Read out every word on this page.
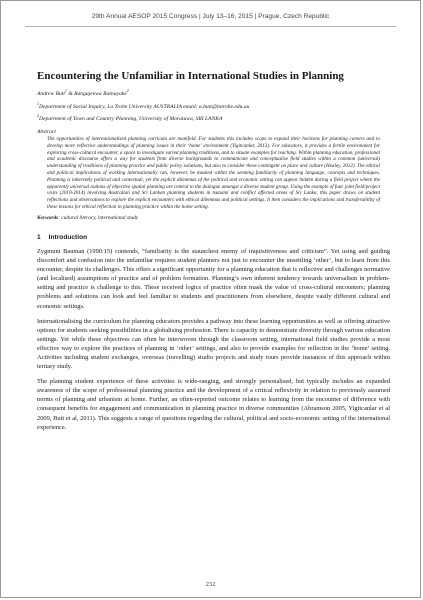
29th Annual AESOP 2015 Congress | July 13–16, 2015 | Prague, Czech Republic
Encountering the Unfamiliar in International Studies in Planning
Andrew Butt$^1$ & Rangajeewa Ratnayake$^2$
$^1$Department of Social Inquiry, La Trobe University AUSTRALIA email: a.butt@latrobe.edu.au
$^2$Department of Town and Country Planning, University of Moratuwa, SRI LANKA
Abstract
The opportunities of internationalised planning curricula are manifold. For students this includes scope to expand their horizons for planning careers and to develop more reflective understandings of planning issues in their ‘home’ environment (Yigitcanlar, 2013). For educators, it provides a fertile environment for exploring cross-cultural encounter, a space to investigate varied planning traditions, and to situate examples for teaching. Within planning education, professional and academic discourse offers a way for students from diverse backgrounds to communicate and conceptualise field studies within a common (universal) understanding of traditions of planning practice and public policy solutions, but also to consider these contingent on place and culture (Healey, 2012). The ethical and political implications of working internationally can, however, be masked within the seeming familiarity of planning language, concepts and techniques. Planning is inherently political and contextual, yet the explicit dilemmas of the political and economic setting can appear hidden during a field project where the apparently universal notions of objective spatial planning are central to the dialogue amongst a diverse student group. Using the example of four joint field/project visits (2010-2014) involving Australian and Sri Lankan planning students in tsunami and conflict affected areas of Sri Lanka, this paper draws on student reflections and observations to explore the explicit encounters with ethical dilemmas and political settings. It then considers the implications and transferability of these lessons for ethical reflection in planning practice within the home setting.
Keywords: cultural literacy, international study
1 Introduction

Zygmunt Bauman (1990:15) contends, “familiarity is the staunchest enemy of inquisitiveness and criticism”. Yet using and guiding discomfort and confusion into the unfamiliar requires student planners not just to encounter the unsettling ‘other’, but to learn from this encounter, despite its challenges. This offers a significant opportunity for a planning education that is reflective and challenges normative (and localised) assumptions of practice and of problem formation. Planning’s own inherent tendency towards universalism in problem-setting and practice is challenge to this. These received logics of practice often mask the value of cross-cultural encounters; planning problems and solutions can look and feel familiar to students and practitioners from elsewhere, despite vastly different cultural and economic settings.

Internationalising the curriculum for planning educators provides a pathway into these learning opportunities as well as offering attractive options for students seeking possibilities in a globalising profession. There is capacity to demonstrate diversity through various education settings. Yet while these objectives can often be interwoven through the classroom setting, international field studies provide a most effective way to explore the practices of planning in ‘other’ settings, and also to provide examples for reflection in the ‘home’ setting. Activities including student exchanges, overseas (travelling) studio projects and study tours provide instances of this approach within tertiary study.

The planning student experience of these activities is wide-ranging, and strongly personalised, but typically includes an expanded awareness of the scope of professional planning practice and the development of a critical reflexivity in relation to previously assumed norms of planning and urbanism at home. Further, an often-reported outcome relates to learning from the encounter of difference with consequent benefits for engagement and communication in planning practice in diverse communities (Abramson 2005, Yigitcanlar et al 2009, Butt et al, 2011). This suggests a range of questions regarding the cultural, political and socio-economic setting of the international experience.

232
